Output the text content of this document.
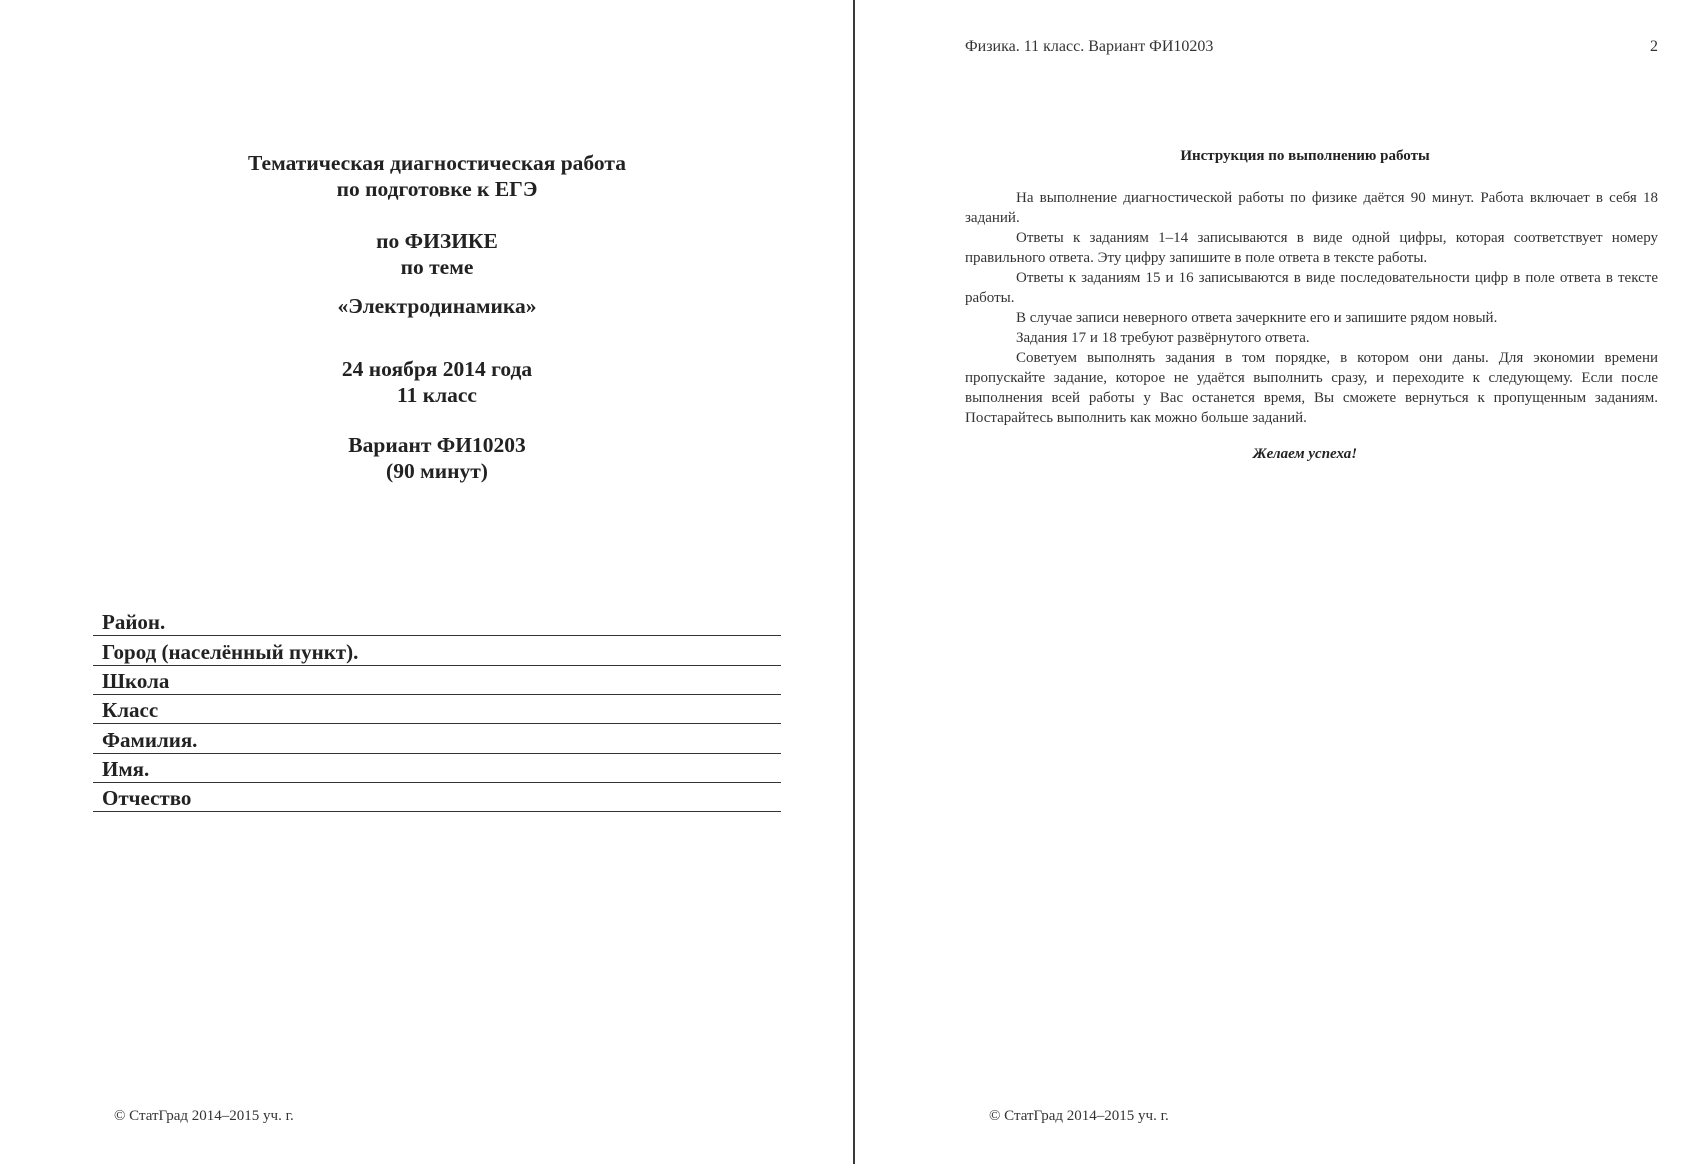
Тематическая диагностическая работа
по подготовке к ЕГЭ
по ФИЗИКЕ
по теме
«Электродинамика»
24 ноября 2014 года
11 класс
Вариант ФИ10203
(90 минут)
Район.
Город (населённый пункт).
Школа
Класс
Фамилия.
Имя.
Отчество
© СтатГрад 2014–2015 уч. г.
Физика. 11 класс. Вариант ФИ10203	2
Инструкция по выполнению работы

На выполнение диагностической работы по физике даётся 90 минут. Работа включает в себя 18 заданий.

Ответы к заданиям 1–14 записываются в виде одной цифры, которая соответствует номеру правильного ответа. Эту цифру запишите в поле ответа в тексте работы.

Ответы к заданиям 15 и 16 записываются в виде последовательности цифр в поле ответа в тексте работы.

В случае записи неверного ответа зачеркните его и запишите рядом новый.

Задания 17 и 18 требуют развёрнутого ответа.

Советуем выполнять задания в том порядке, в котором они даны. Для экономии времени пропускайте задание, которое не удаётся выполнить сразу, и переходите к следующему. Если после выполнения всей работы у Вас останется время, Вы сможете вернуться к пропущенным заданиям. Постарайтесь выполнить как можно больше заданий.

Желаем успеха!
© СтатГрад 2014–2015 уч. г.
